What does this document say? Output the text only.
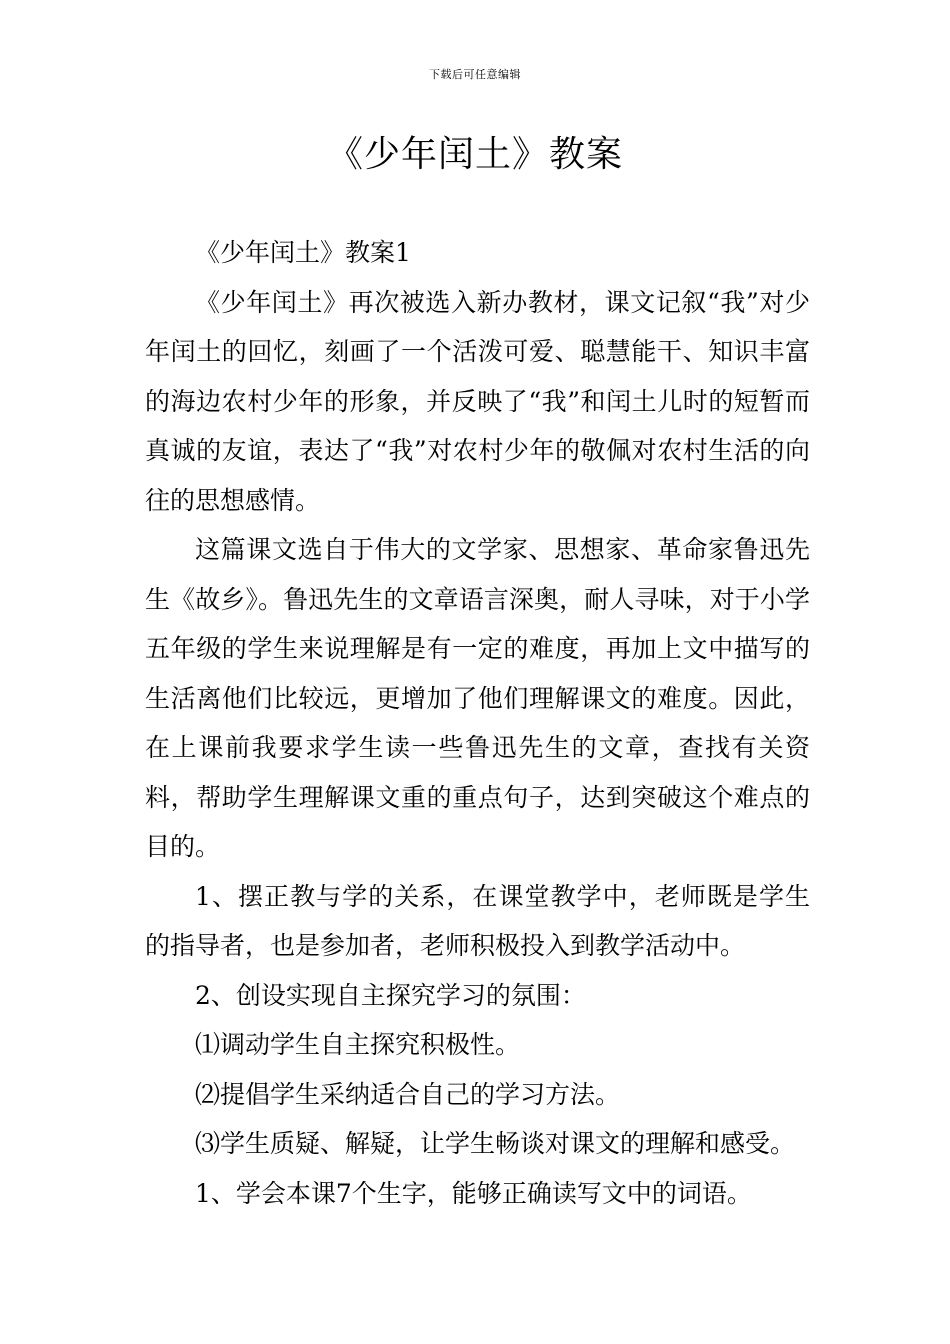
下载后可任意编辑
《少年闰土》教案

《少年闰土》教案1

《少年闰土》再次被选入新办教材，课文记叙“我”对少年闰土的回忆，刻画了一个活泼可爱、聪慧能干、知识丰富的海边农村少年的形象，并反映了“我”和闰土儿时的短暂而真诚的友谊，表达了“我”对农村少年的敬佩对农村生活的向往的思想感情。

这篇课文选自于伟大的文学家、思想家、革命家鲁迅先生《故乡》。鲁迅先生的文章语言深奥，耐人寻味，对于小学五年级的学生来说理解是有一定的难度，再加上文中描写的生活离他们比较远，更增加了他们理解课文的难度。因此，在上课前我要求学生读一些鲁迅先生的文章，查找有关资料，帮助学生理解课文重的重点句子，达到突破这个难点的目的。

1、摆正教与学的关系，在课堂教学中，老师既是学生的指导者，也是参加者，老师积极投入到教学活动中。

2、创设实现自主探究学习的氛围：

⑴调动学生自主探究积极性。

⑵提倡学生采纳适合自己的学习方法。

⑶学生质疑、解疑，让学生畅谈对课文的理解和感受。

1、学会本课7个生字，能够正确读写文中的词语。
